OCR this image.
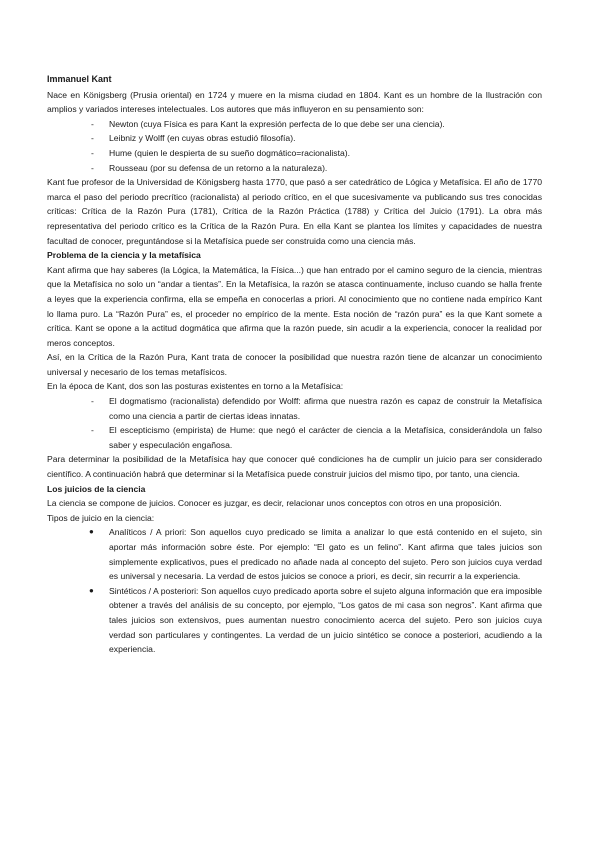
Immanuel Kant

Nace en Königsberg (Prusia oriental) en 1724 y muere en la misma ciudad en 1804. Kant es un hombre de la Ilustración con amplios y variados intereses intelectuales. Los autores que más influyeron en su pensamiento son:

- Newton (cuya Física es para Kant la expresión perfecta de lo que debe ser una ciencia).
- Leibniz y Wolff (en cuyas obras estudió filosofía).
- Hume (quien le despierta de su sueño dogmático=racionalista).
- Rousseau (por su defensa de un retorno a la naturaleza).

Kant fue profesor de la Universidad de Königsberg hasta 1770, que pasó a ser catedrático de Lógica y Metafísica. El año de 1770 marca el paso del periodo precrítico (racionalista) al periodo crítico, en el que sucesivamente va publicando sus tres conocidas críticas: Crítica de la Razón Pura (1781), Crítica de la Razón Práctica (1788) y Crítica del Juicio (1791). La obra más representativa del periodo crítico es la Crítica de la Razón Pura. En ella Kant se plantea los límites y capacidades de nuestra facultad de conocer, preguntándose si la Metafísica puede ser construida como una ciencia más.

Problema de la ciencia y la metafísica

Kant afirma que hay saberes (la Lógica, la Matemática, la Física...) que han entrado por el camino seguro de la ciencia, mientras que la Metafísica no solo un “andar a tientas”. En la Metafísica, la razón se atasca continuamente, incluso cuando se halla frente a leyes que la experiencia confirma, ella se empeña en conocerlas a priori. Al conocimiento que no contiene nada empírico Kant lo llama puro. La “Razón Pura” es, el proceder no empírico de la mente. Esta noción de “razón pura” es la que Kant somete a crítica. Kant se opone a la actitud dogmática que afirma que la razón puede, sin acudir a la experiencia, conocer la realidad por meros conceptos.

Así, en la Crítica de la Razón Pura, Kant trata de conocer la posibilidad que nuestra razón tiene de alcanzar un conocimiento universal y necesario de los temas metafísicos.

En la época de Kant, dos son las posturas existentes en torno a la Metafísica:

- El dogmatismo (racionalista) defendido por Wolff: afirma que nuestra razón es capaz de construir la Metafísica como una ciencia a partir de ciertas ideas innatas.
- El escepticismo (empirista) de Hume: que negó el carácter de ciencia a la Metafísica, considerándola un falso saber y especulación engañosa.

Para determinar la posibilidad de la Metafísica hay que conocer qué condiciones ha de cumplir un juicio para ser considerado científico. A continuación habrá que determinar si la Metafísica puede construir juicios del mismo tipo, por tanto, una ciencia.

Los juicios de la ciencia

La ciencia se compone de juicios. Conocer es juzgar, es decir, relacionar unos conceptos con otros en una proposición.

Tipos de juicio en la ciencia:

● Analíticos / A priori: Son aquellos cuyo predicado se limita a analizar lo que está contenido en el sujeto, sin aportar más información sobre éste. Por ejemplo: “El gato es un felino”. Kant afirma que tales juicios son simplemente explicativos, pues el predicado no añade nada al concepto del sujeto. Pero son juicios cuya verdad es universal y necesaria. La verdad de estos juicios se conoce a priori, es decir, sin recurrir a la experiencia.
● Sintéticos / A posteriori: Son aquellos cuyo predicado aporta sobre el sujeto alguna información que era imposible obtener a través del análisis de su concepto, por ejemplo, “Los gatos de mi casa son negros”. Kant afirma que tales juicios son extensivos, pues aumentan nuestro conocimiento acerca del sujeto. Pero son juicios cuya verdad son particulares y contingentes. La verdad de un juicio sintético se conoce a posteriori, acudiendo a la experiencia.
